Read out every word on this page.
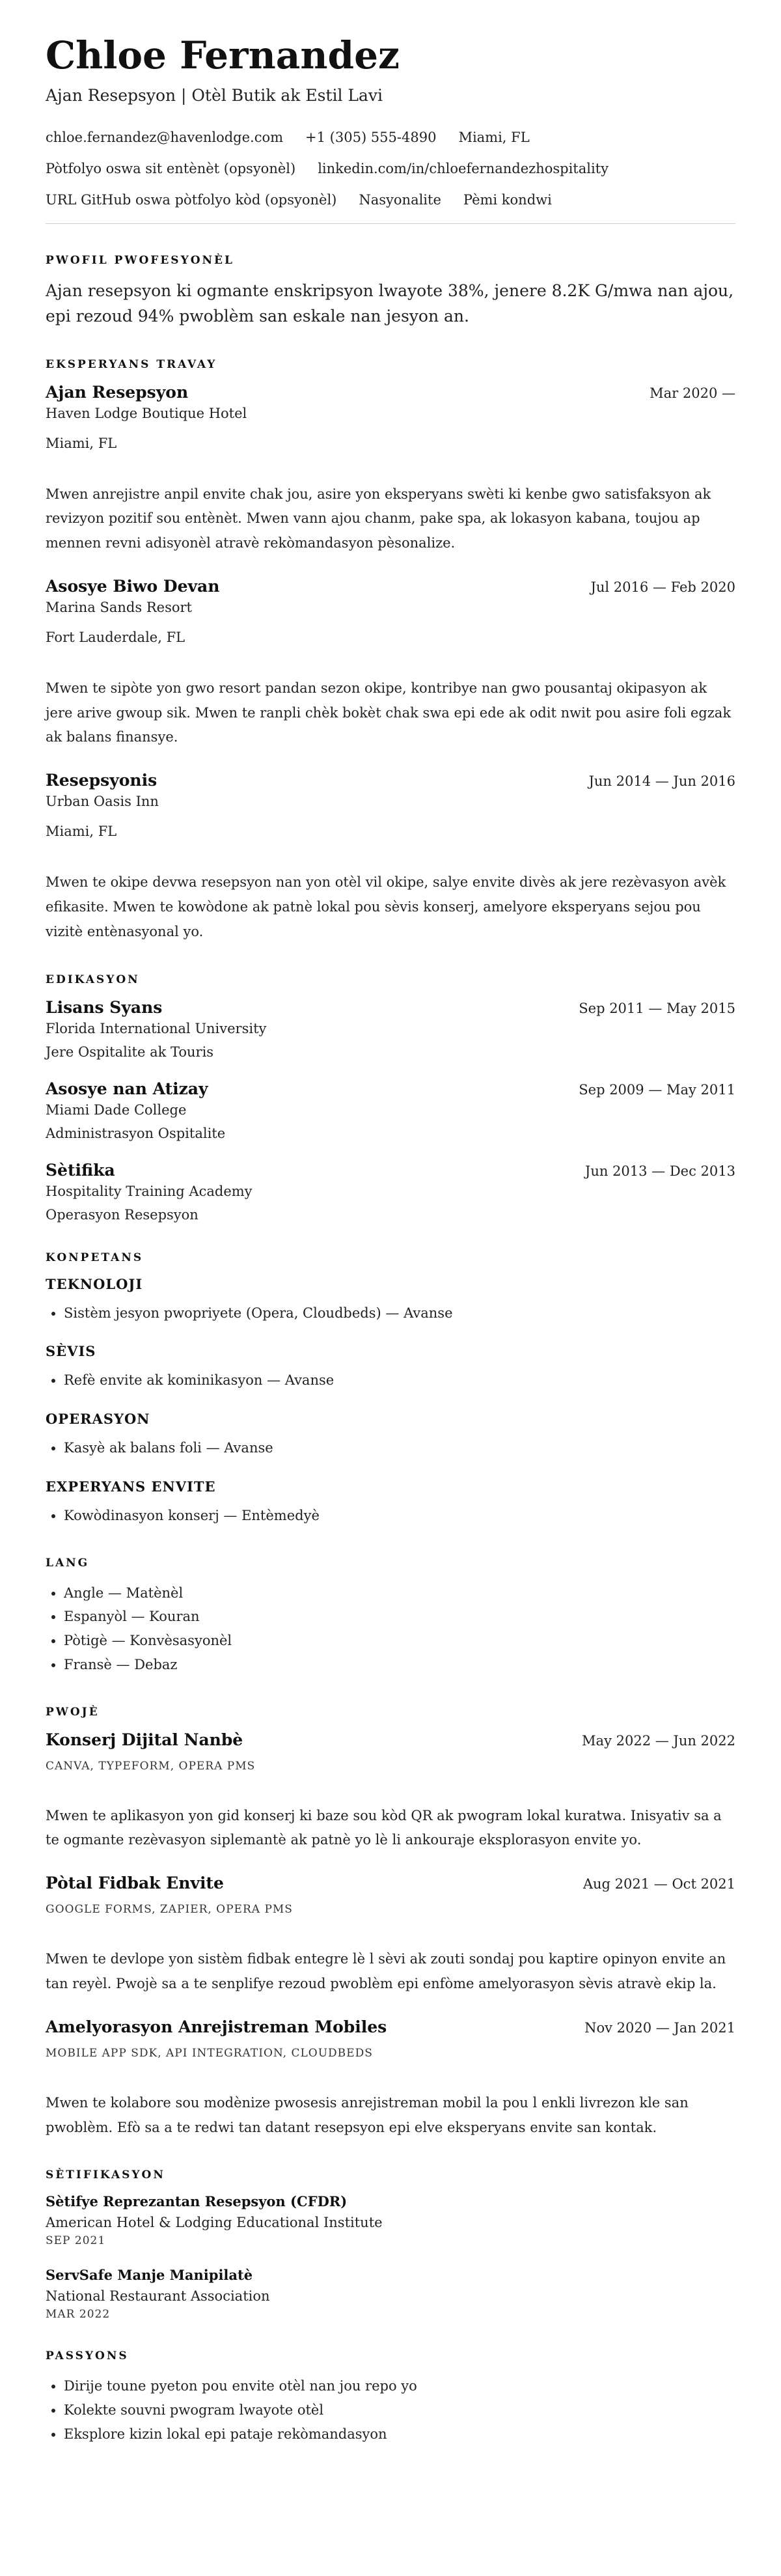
Chloe Fernandez
Ajan Resepsyon | Otèl Butik ak Estil Lavi
chloe.fernandez@havenlodge.com +1 (305) 555-4890 Miami, FL
Pòtfolyo oswa sit entènèt (opsyonèl) linkedin.com/in/chloefernandezhospitality
URL GitHub oswa pòtfolyo kòd (opsyonèl) Nasyonalite Pèmi kondwi
PWOFIL PWOFESYONÈL

Ajan resepsyon ki ogmante enskripsyon lwayote 38%, jenere 8.2K G/mwa nan ajou, epi rezoud 94% pwoblèm san eskale nan jesyon an.

EKSPERYANS TRAVAY
Ajan Resepsyon	Mar 2020 —
Haven Lodge Boutique Hotel
Miami, FL
Mwen anrejistre anpil envite chak jou, asire yon eksperyans swèti ki kenbe gwo satisfaksyon ak revizyon pozitif sou entènèt. Mwen vann ajou chanm, pake spa, ak lokasyon kabana, toujou ap mennen revni adisyonèl atravè rekòmandasyon pèsonalize.
Asosye Biwo Devan	Jul 2016 — Feb 2020
Marina Sands Resort
Fort Lauderdale, FL
Mwen te sipòte yon gwo resort pandan sezon okipe, kontribye nan gwo pousantaj okipasyon ak jere arive gwoup sik. Mwen te ranpli chèk bokèt chak swa epi ede ak odit nwit pou asire foli egzak ak balans finansye.
Resepsyonis	Jun 2014 — Jun 2016
Urban Oasis Inn
Miami, FL
Mwen te okipe devwa resepsyon nan yon otèl vil okipe, salye envite divès ak jere rezèvasyon avèk efikasite. Mwen te kowòdone ak patnè lokal pou sèvis konserj, amelyore eksperyans sejou pou vizitè entènasyonal yo.
EDIKASYON
Lisans Syans	Sep 2011 — May 2015
Florida International University
Jere Ospitalite ak Touris
Asosye nan Atizay	Sep 2009 — May 2011
Miami Dade College
Administrasyon Ospitalite
Sètifika	Jun 2013 — Dec 2013
Hospitality Training Academy
Operasyon Resepsyon
KONPETANS
TEKNOLOJI
• Sistèm jesyon pwopriyete (Opera, Cloudbeds) — Avanse
SÈVIS
• Refè envite ak kominikasyon — Avanse
OPERASYON
• Kasyè ak balans foli — Avanse
EXPERYANS ENVITE
• Kowòdinasyon konserj — Entèmedyè
LANG
• Angle — Matènèl
• Espanyòl — Kouran
• Pòtigè — Konvèsasyonèl
• Fransè — Debaz
PWOJÈ
Konserj Dijital Nanbè	May 2022 — Jun 2022
CANVA, TYPEFORM, OPERA PMS
Mwen te aplikasyon yon gid konserj ki baze sou kòd QR ak pwogram lokal kuratwa. Inisyativ sa a te ogmante rezèvasyon siplemantè ak patnè yo lè li ankouraje eksplorasyon envite yo.
Pòtal Fidbak Envite	Aug 2021 — Oct 2021
GOOGLE FORMS, ZAPIER, OPERA PMS
Mwen te devlope yon sistèm fidbak entegre lè l sèvi ak zouti sondaj pou kaptire opinyon envite an tan reyèl. Pwojè sa a te senplifye rezoud pwoblèm epi enfòme amelyorasyon sèvis atravè ekip la.
Amelyorasyon Anrejistreman Mobiles	Nov 2020 — Jan 2021
MOBILE APP SDK, API INTEGRATION, CLOUDBEDS
Mwen te kolabore sou modènize pwosesis anrejistreman mobil la pou l enkli livrezon kle san pwoblèm. Efò sa a te redwi tan datant resepsyon epi elve eksperyans envite san kontak.
SÈTIFIKASYON
Sètifye Reprezantan Resepsyon (CFDR)
American Hotel & Lodging Educational Institute
SEP 2021
ServSafe Manje Manipilatè
National Restaurant Association
MAR 2022
PASSYONS
• Dirije toune pyeton pou envite otèl nan jou repo yo
• Kolekte souvni pwogram lwayote otèl
• Eksplore kizin lokal epi pataje rekòmandasyon
